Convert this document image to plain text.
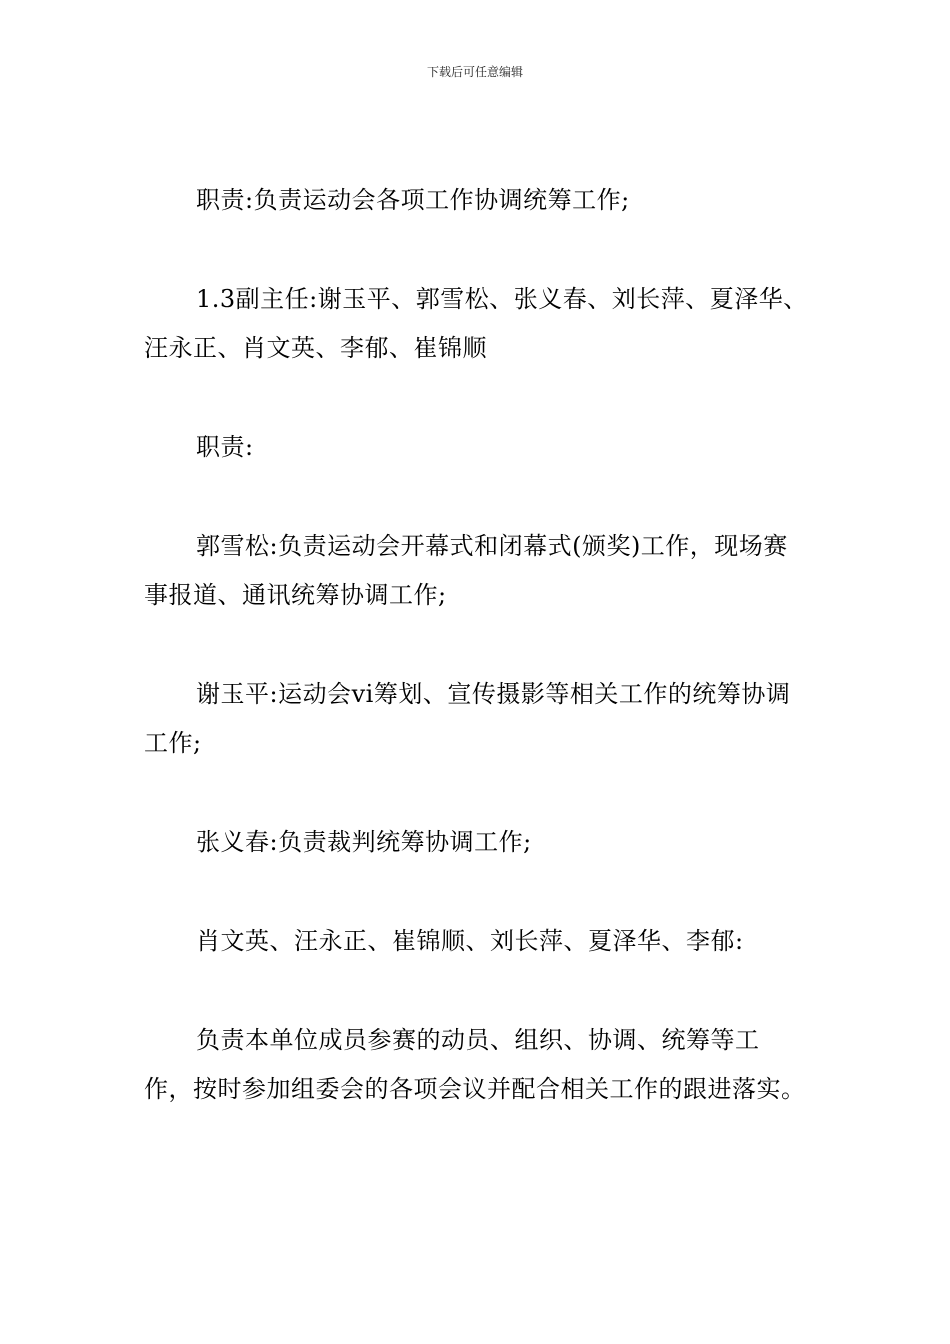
下载后可任意编辑

职责:负责运动会各项工作协调统筹工作;

1.3副主任:谢玉平、郭雪松、张义春、刘长萍、夏泽华、汪永正、肖文英、李郁、崔锦顺

职责:

郭雪松:负责运动会开幕式和闭幕式(颁奖)工作，现场赛事报道、通讯统筹协调工作;

谢玉平:运动会vi筹划、宣传摄影等相关工作的统筹协调工作;

张义春:负责裁判统筹协调工作;

肖文英、汪永正、崔锦顺、刘长萍、夏泽华、李郁:

负责本单位成员参赛的动员、组织、协调、统筹等工作，按时参加组委会的各项会议并配合相关工作的跟进落实。
